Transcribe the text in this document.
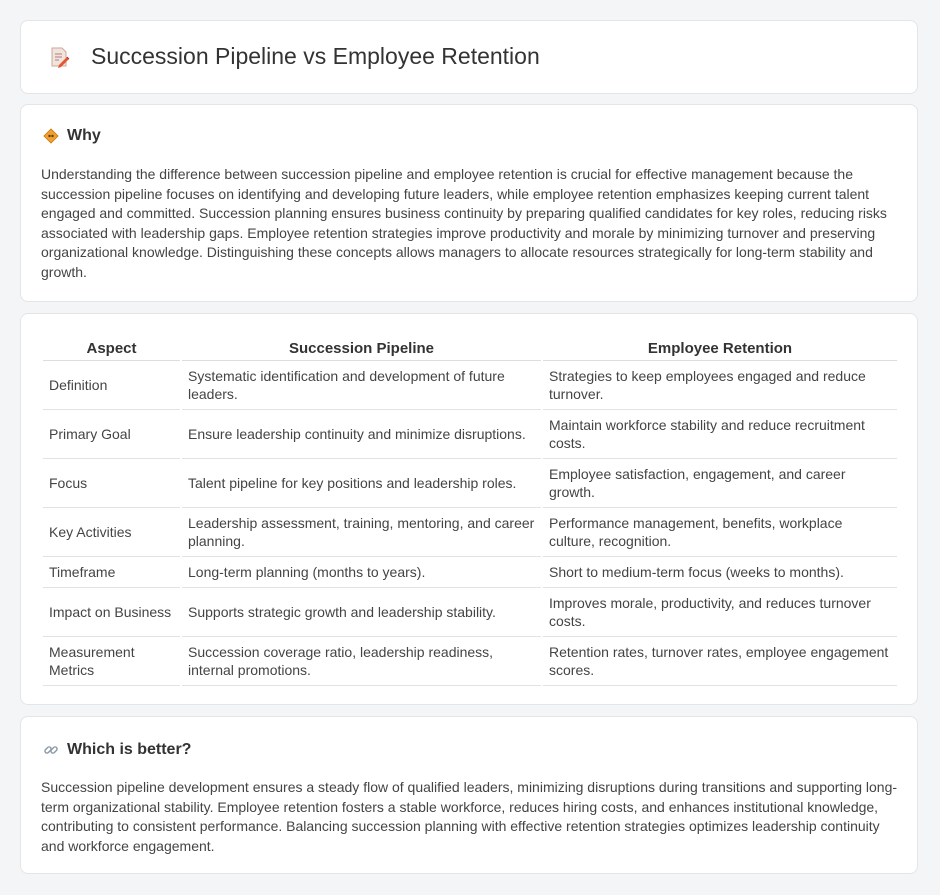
Succession Pipeline vs Employee Retention
Why

Understanding the difference between succession pipeline and employee retention is crucial for effective management because the succession pipeline focuses on identifying and developing future leaders, while employee retention emphasizes keeping current talent engaged and committed. Succession planning ensures business continuity by preparing qualified candidates for key roles, reducing risks associated with leadership gaps. Employee retention strategies improve productivity and morale by minimizing turnover and preserving organizational knowledge. Distinguishing these concepts allows managers to allocate resources strategically for long-term stability and growth.

Aspect	Succession Pipeline	Employee Retention
Definition	Systematic identification and development of future leaders.	Strategies to keep employees engaged and reduce turnover.
Primary Goal	Ensure leadership continuity and minimize disruptions.	Maintain workforce stability and reduce recruitment costs.
Focus	Talent pipeline for key positions and leadership roles.	Employee satisfaction, engagement, and career growth.
Key Activities	Leadership assessment, training, mentoring, and career planning.	Performance management, benefits, workplace culture, recognition.
Timeframe	Long-term planning (months to years).	Short to medium-term focus (weeks to months).
Impact on Business	Supports strategic growth and leadership stability.	Improves morale, productivity, and reduces turnover costs.
Measurement Metrics	Succession coverage ratio, leadership readiness, internal promotions.	Retention rates, turnover rates, employee engagement scores.
Which is better?

Succession pipeline development ensures a steady flow of qualified leaders, minimizing disruptions during transitions and supporting long-term organizational stability. Employee retention fosters a stable workforce, reduces hiring costs, and enhances institutional knowledge, contributing to consistent performance. Balancing succession planning with effective retention strategies optimizes leadership continuity and workforce engagement.
